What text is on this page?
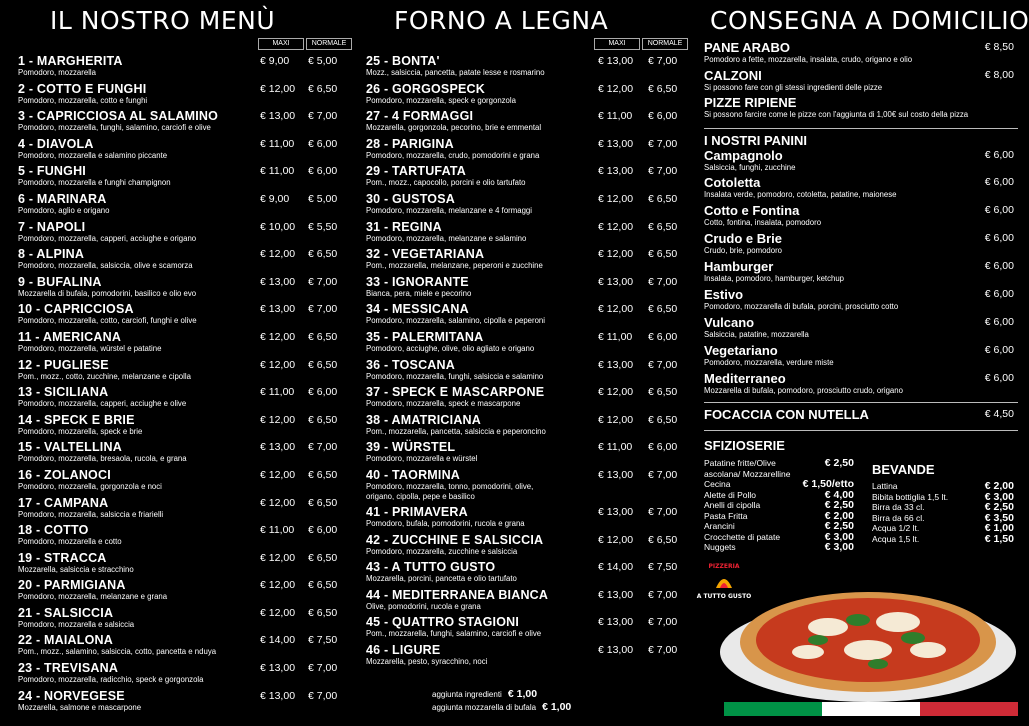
IL NOSTRO MENÙ
MAXI	NORMALE
1 - MARGHERITA
Pomodoro, mozzarella
€ 9,00 € 5,00
2 - COTTO E FUNGHI
Pomodoro, mozzarella, cotto e funghi
€ 12,00 € 6,50
3 - CAPRICCIOSA AL SALAMINO
Pomodoro, mozzarella, funghi, salamino, carciofi e olive
€ 13,00 € 7,00
4 - DIAVOLA
Pomodoro, mozzarella e salamino piccante
€ 11,00 € 6,00
5 - FUNGHI
Pomodoro, mozzarella e funghi champignon
€ 11,00 € 6,00
6 - MARINARA
Pomodoro, aglio e origano
€ 9,00 € 5,00
7 - NAPOLI
Pomodoro, mozzarella, capperi, acciughe e origano
€ 10,00 € 5,50
8 - ALPINA
Pomodoro, mozzarella, salsiccia, olive e scamorza
€ 12,00 € 6,50
9 - BUFALINA
Mozzarella di bufala, pomodorini, basilico e olio evo
€ 13,00 € 7,00
10 - CAPRICCIOSA
Pomodoro, mozzarella, cotto, carciofi, funghi e olive
€ 13,00 € 7,00
11 - AMERICANA
Pomodoro, mozzarella, würstel e patatine
€ 12,00 € 6,50
12 - PUGLIESE
Pom., mozz., cotto, zucchine, melanzane e cipolla
€ 12,00 € 6,50
13 - SICILIANA
Pomodoro, mozzarella, capperi, acciughe e olive
€ 11,00 € 6,00
14 - SPECK E BRIE
Pomodoro, mozzarella, speck e brie
€ 12,00 € 6,50
15 - VALTELLINA
Pomodoro, mozzarella, bresaola, rucola, e grana
€ 13,00 € 7,00
16 - ZOLANOCI
Pomodoro, mozzarella, gorgonzola e noci
€ 12,00 € 6,50
17 - CAMPANA
Pomodoro, mozzarella, salsiccia e friarielli
€ 12,00 € 6,50
18 - COTTO
Pomodoro, mozzarella e cotto
€ 11,00 € 6,00
19 - STRACCA
Mozzarella, salsiccia e stracchino
€ 12,00 € 6,50
20 - PARMIGIANA
Pomodoro, mozzarella, melanzane e grana
€ 12,00 € 6,50
21 - SALSICCIA
Pomodoro, mozzarella e salsiccia
€ 12,00 € 6,50
22 - MAIALONA
Pom., mozz., salamino, salsiccia, cotto, pancetta e nduya
€ 14,00 € 7,50
23 - TREVISANA
Pomodoro, mozzarella, radicchio, speck e gorgonzola
€ 13,00 € 7,00
24 - NORVEGESE
Mozzarella, salmone e mascarpone
€ 13,00 € 7,00
FORNO A LEGNA
MAXI	NORMALE
25 - BONTA'
Mozz., salsiccia, pancetta, patate lesse e rosmarino
€ 13,00 € 7,00
26 - GORGOSPECK
Pomodoro, mozzarella, speck e gorgonzola
€ 12,00 € 6,50
27 - 4 FORMAGGI
Mozzarella, gorgonzola, pecorino, brie e emmental
€ 11,00 € 6,00
28 - PARIGINA
Pomodoro, mozzarella, crudo, pomodorini e grana
€ 13,00 € 7,00
29 - TARTUFATA
Pom., mozz., capocollo, porcini e olio tartufato
€ 13,00 € 7,00
30 - GUSTOSA
Pomodoro, mozzarella, melanzane e 4 formaggi
€ 12,00 € 6,50
31 - REGINA
Pomodoro, mozzarella, melanzane e salamino
€ 12,00 € 6,50
32 - VEGETARIANA
Pom., mozzarella, melanzane, peperoni e zucchine
€ 12,00 € 6,50
33 - IGNORANTE
Bianca, pera, miele e pecorino
€ 13,00 € 7,00
34 - MESSICANA
Pomodoro, mozzarella, salamino, cipolla e peperoni
€ 12,00 € 6,50
35 - PALERMITANA
Pomodoro, acciughe, olive, olio agliato e origano
€ 11,00 € 6,00
36 - TOSCANA
Pomodoro, mozzarella, funghi, salsiccia e salamino
€ 13,00 € 7,00
37 - SPECK E MASCARPONE
Pomodoro, mozzarella, speck e mascarpone
€ 12,00 € 6,50
38 - AMATRICIANA
Pom., mozzarella, pancetta, salsiccia e peperoncino
€ 12,00 € 6,50
39 - WÜRSTEL
Pomodoro, mozzarella e würstel
€ 11,00 € 6,00
40 - TAORMINA
Pomodoro, mozzarella, tonno, pomodorini, olive,
origano, cipolla, pepe e basilico
€ 13,00 € 7,00
41 - PRIMAVERA
Pomodoro, bufala, pomodorini, rucola e grana
€ 13,00 € 7,00
42 - ZUCCHINE E SALSICCIA
Pomodoro, mozzarella, zucchine e salsiccia
€ 12,00 € 6,50
43 - A TUTTO GUSTO
Mozzarella, porcini, pancetta e olio tartufato
€ 14,00 € 7,50
44 - MEDITERRANEA BIANCA
Olive, pomodorini, rucola e grana
€ 13,00 € 7,00
45 - QUATTRO STAGIONI
Pom., mozzarella, funghi, salamino, carciofi e olive
€ 13,00 € 7,00
46 - LIGURE
Mozzarella, pesto, syracchino, noci
€ 13,00 € 7,00
aggiunta ingredienti € 1,00
aggiunta mozzarella di bufala € 1,00
CONSEGNA A DOMICILIO
PANE ARABO
Pomodoro a fette, mozzarella, insalata, crudo, origano e olio
€ 8,50
CALZONI
Si possono fare con gli stessi ingredienti delle pizze
€ 8,00
PIZZE RIPIENE
Si possono farcire come le pizze con l'aggiunta di 1,00€ sul costo della pizza
I NOSTRI PANINI
Campagnolo
Salsiccia, funghi, zucchine
€ 6,00
Cotoletta
Insalata verde, pomodoro, cotoletta, patatine, maionese
€ 6,00
Cotto e Fontina
Cotto, fontina, insalata, pomodoro
€ 6,00
Crudo e Brie
Crudo, brie, pomodoro
€ 6,00
Hamburger
Insalata, pomodoro, hamburger, ketchup
€ 6,00
Estivo
Pomodoro, mozzarella di bufala, porcini, prosciutto cotto
€ 6,00
Vulcano
Salsiccia, patatine, mozzarella
€ 6,00
Vegetariano
Pomodoro, mozzarella, verdure miste
€ 6,00
Mediterraneo
Mozzarella di bufala, pomodoro, prosciutto crudo, origano
€ 6,00
FOCACCIA CON NUTELLA	€ 4,50
SFIZIOSERIE
Patatine fritte/Olive	€ 2,50
ascolana/ Mozzarelline
Cecina	€ 1,50/etto
Alette di Pollo	€ 4,00
Anelli di cipolla	€ 2,50
Pasta Fritta	€ 2,00
Arancini	€ 2,50
Crocchette di patate	€ 3,00
Nuggets	€ 3,00
BEVANDE
Lattina	€ 2,00
Bibita bottiglia 1,5 lt.	€ 3,00
Birra da 33 cl.	€ 2,50
Birra da 66 cl.	€ 3,50
Acqua 1/2 lt.	€ 1,00
Acqua 1,5 lt.	€ 1,50
PIZZERIA
A TUTTO GUSTO
